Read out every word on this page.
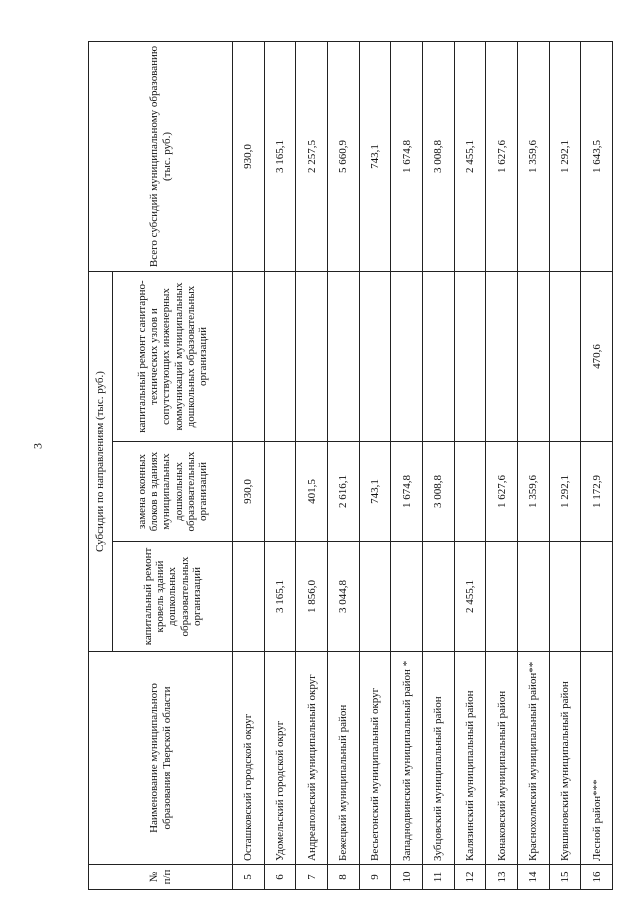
3
№ п/п	Наименование муниципального образования Тверской области	Субсидии по направлениям (тыс. руб.)			Всего субсидий муниципальному образованию (тыс. руб.)
		капитальный ремонт кровель зданий дошкольных образовательных организаций	замена оконных блоков в зданиях муниципальных дошкольных образовательных организаций	капитальный ремонт санитарно-технических узлов и сопутствующих инженерных коммуникаций муниципальных дошкольных образовательных организаций	
5	Осташковский городской округ		930,0		930,0
6	Удомельский городской округ	3 165,1			3 165,1
7	Андреапольский муниципальный округ	1 856,0	401,5		2 257,5
8	Бежецкий муниципальный район	3 044,8	2 616,1		5 660,9
9	Весьегонский муниципальный округ		743,1		743,1
10	Западнодвинский муниципальный район *		1 674,8		1 674,8
11	Зубцовский муниципальный район		3 008,8		3 008,8
12	Калязинский муниципальный район	2 455,1			2 455,1
13	Конаковский муниципальный район		1 627,6		1 627,6
14	Краснохолмский муниципальный район**		1 359,6		1 359,6
15	Кувшиновский муниципальный район		1 292,1		1 292,1
16	Лесной район***		1 172,9	470,6	1 643,5
